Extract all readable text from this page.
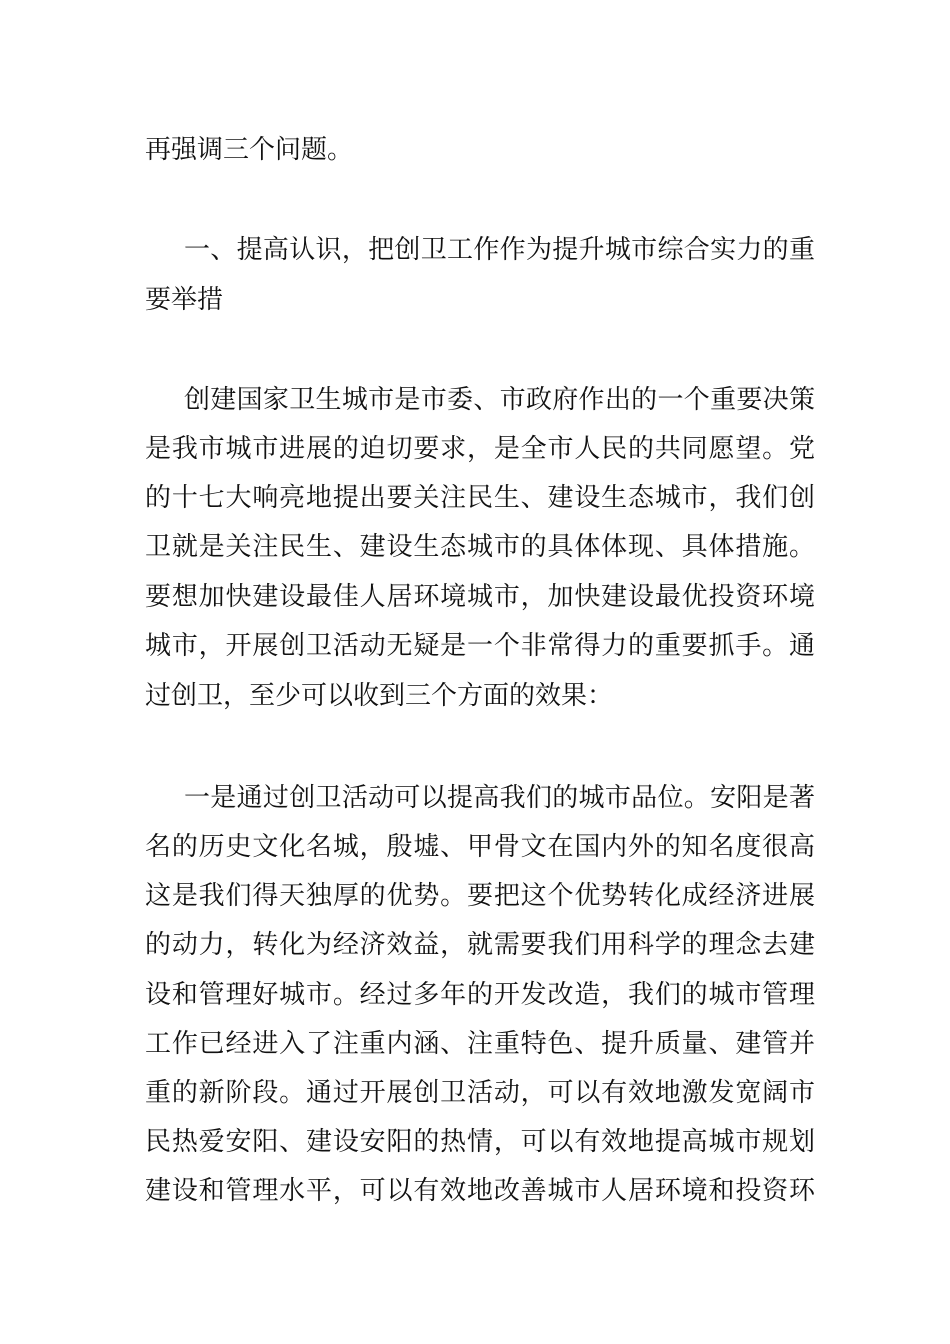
再强调三个问题。
一、提高认识，把创卫工作作为提升城市综合实力的重
要举措
创建国家卫生城市是市委、市政府作出的一个重要决策
是我市城市进展的迫切要求，是全市人民的共同愿望。党
的十七大响亮地提出要关注民生、建设生态城市，我们创
卫就是关注民生、建设生态城市的具体体现、具体措施。
要想加快建设最佳人居环境城市，加快建设最优投资环境
城市，开展创卫活动无疑是一个非常得力的重要抓手。通
过创卫，至少可以收到三个方面的效果：
一是通过创卫活动可以提高我们的城市品位。安阳是著
名的历史文化名城，殷墟、甲骨文在国内外的知名度很高
这是我们得天独厚的优势。要把这个优势转化成经济进展
的动力，转化为经济效益，就需要我们用科学的理念去建
设和管理好城市。经过多年的开发改造，我们的城市管理
工作已经进入了注重内涵、注重特色、提升质量、建管并
重的新阶段。通过开展创卫活动，可以有效地激发宽阔市
民热爱安阳、建设安阳的热情，可以有效地提高城市规划
建设和管理水平，可以有效地改善城市人居环境和投资环
